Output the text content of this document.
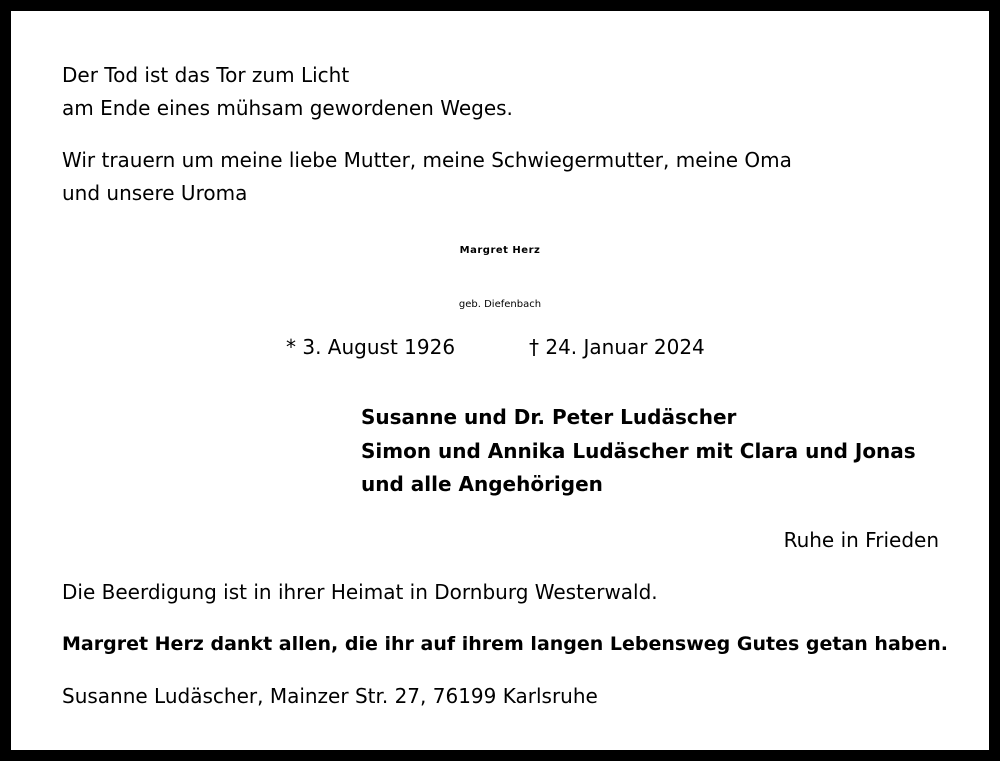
Der Tod ist das Tor zum Licht

am Ende eines mühsam gewordenen Weges.

Wir trauern um meine liebe Mutter, meine Schwiegermutter, meine Oma

und unsere Uroma

Margret Herz

geb. Diefenbach

* 3. August 1926	† 24. Januar 2024

Susanne und Dr. Peter Ludäscher

Simon und Annika Ludäscher mit Clara und Jonas

und alle Angehörigen

Ruhe in Frieden

Die Beerdigung ist in ihrer Heimat in Dornburg Westerwald.

Margret Herz dankt allen, die ihr auf ihrem langen Lebensweg Gutes getan haben.

Susanne Ludäscher, Mainzer Str. 27, 76199 Karlsruhe
